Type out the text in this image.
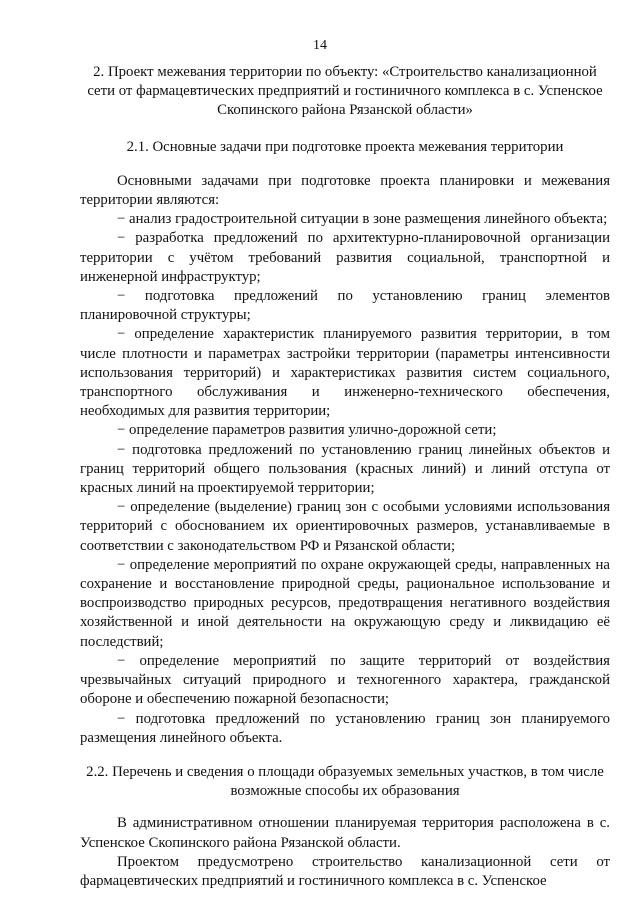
14

2. Проект межевания территории по объекту: «Строительство канализационной сети от фармацевтических предприятий и гостиничного комплекса в с. Успенское Скопинского района Рязанской области»

2.1. Основные задачи при подготовке проекта межевания территории

Основными задачами при подготовке проекта планировки и межевания территории являются:

− анализ градостроительной ситуации в зоне размещения линейного объекта;

− разработка предложений по архитектурно-планировочной организации территории с учётом требований развития социальной, транспортной и инженерной инфраструктур;

− подготовка предложений по установлению границ элементов планировочной структуры;

− определение характеристик планируемого развития территории, в том числе плотности и параметрах застройки территории (параметры интенсивности использования территорий) и характеристиках развития систем социального, транспортного обслуживания и инженерно-технического обеспечения, необходимых для развития территории;

− определение параметров развития улично-дорожной сети;

− подготовка предложений по установлению границ линейных объектов и границ территорий общего пользования (красных линий) и линий отступа от красных линий на проектируемой территории;

− определение (выделение) границ зон с особыми условиями использования территорий с обоснованием их ориентировочных размеров, устанавливаемые в соответствии с законодательством РФ и Рязанской области;

− определение мероприятий по охране окружающей среды, направленных на сохранение и восстановление природной среды, рациональное использование и воспроизводство природных ресурсов, предотвращения негативного воздействия хозяйственной и иной деятельности на окружающую среду и ликвидацию её последствий;

− определение мероприятий по защите территорий от воздействия чрезвычайных ситуаций природного и техногенного характера, гражданской обороне и обеспечению пожарной безопасности;

− подготовка предложений по установлению границ зон планируемого размещения линейного объекта.

2.2. Перечень и сведения о площади образуемых земельных участков, в том числе возможные способы их образования

В административном отношении планируемая территория расположена в с. Успенское Скопинского района Рязанской области.

Проектом предусмотрено строительство канализационной сети от фармацевтических предприятий и гостиничного комплекса в с. Успенское
